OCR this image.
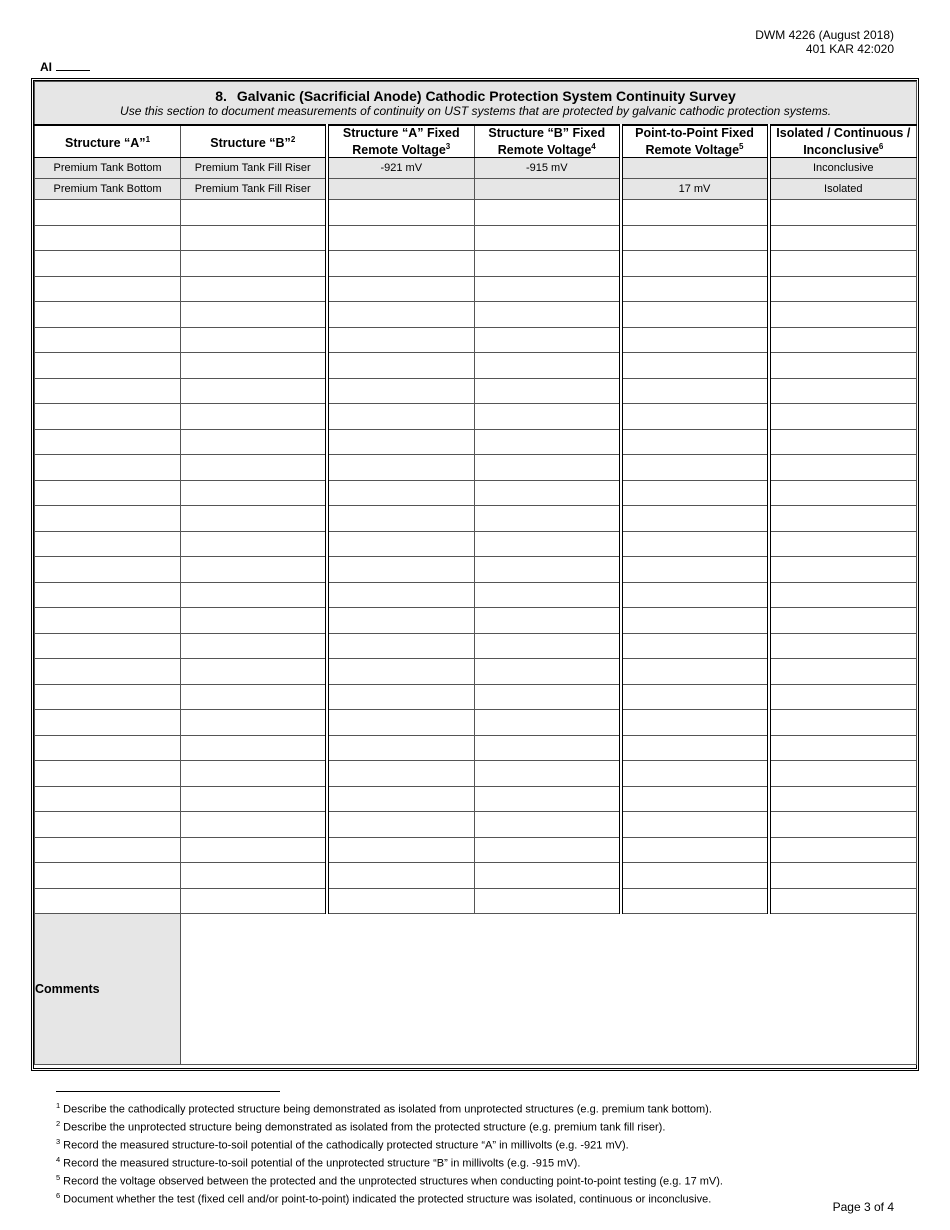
DWM 4226 (August 2018)
401 KAR 42:020
AI
8. Galvanic (Sacrificial Anode) Cathodic Protection System Continuity Survey
Use this section to document measurements of continuity on UST systems that are protected by galvanic cathodic protection systems.					

Structure “A”$^1$	Structure “B”$^2$	Structure “A” Fixed Remote Voltage$^3$	Structure “B” Fixed Remote Voltage$^4$	Point-to-Point Fixed Remote Voltage$^5$	Isolated / Continuous / Inconclusive$^6$
Premium Tank Bottom	Premium Tank Fill Riser	-921 mV	-915 mV		Inconclusive
Premium Tank Bottom	Premium Tank Fill Riser			17 mV	Isolated

Comments					
$^1$ Describe the cathodically protected structure being demonstrated as isolated from unprotected structures (e.g. premium tank bottom).
$^2$ Describe the unprotected structure being demonstrated as isolated from the protected structure (e.g. premium tank fill riser).
$^3$ Record the measured structure-to-soil potential of the cathodically protected structure “A” in millivolts (e.g. -921 mV).
$^4$ Record the measured structure-to-soil potential of the unprotected structure “B” in millivolts (e.g. -915 mV).
$^5$ Record the voltage observed between the protected and the unprotected structures when conducting point-to-point testing (e.g. 17 mV).
$^6$ Document whether the test (fixed cell and/or point-to-point) indicated the protected structure was isolated, continuous or inconclusive.
Page 3 of 4
